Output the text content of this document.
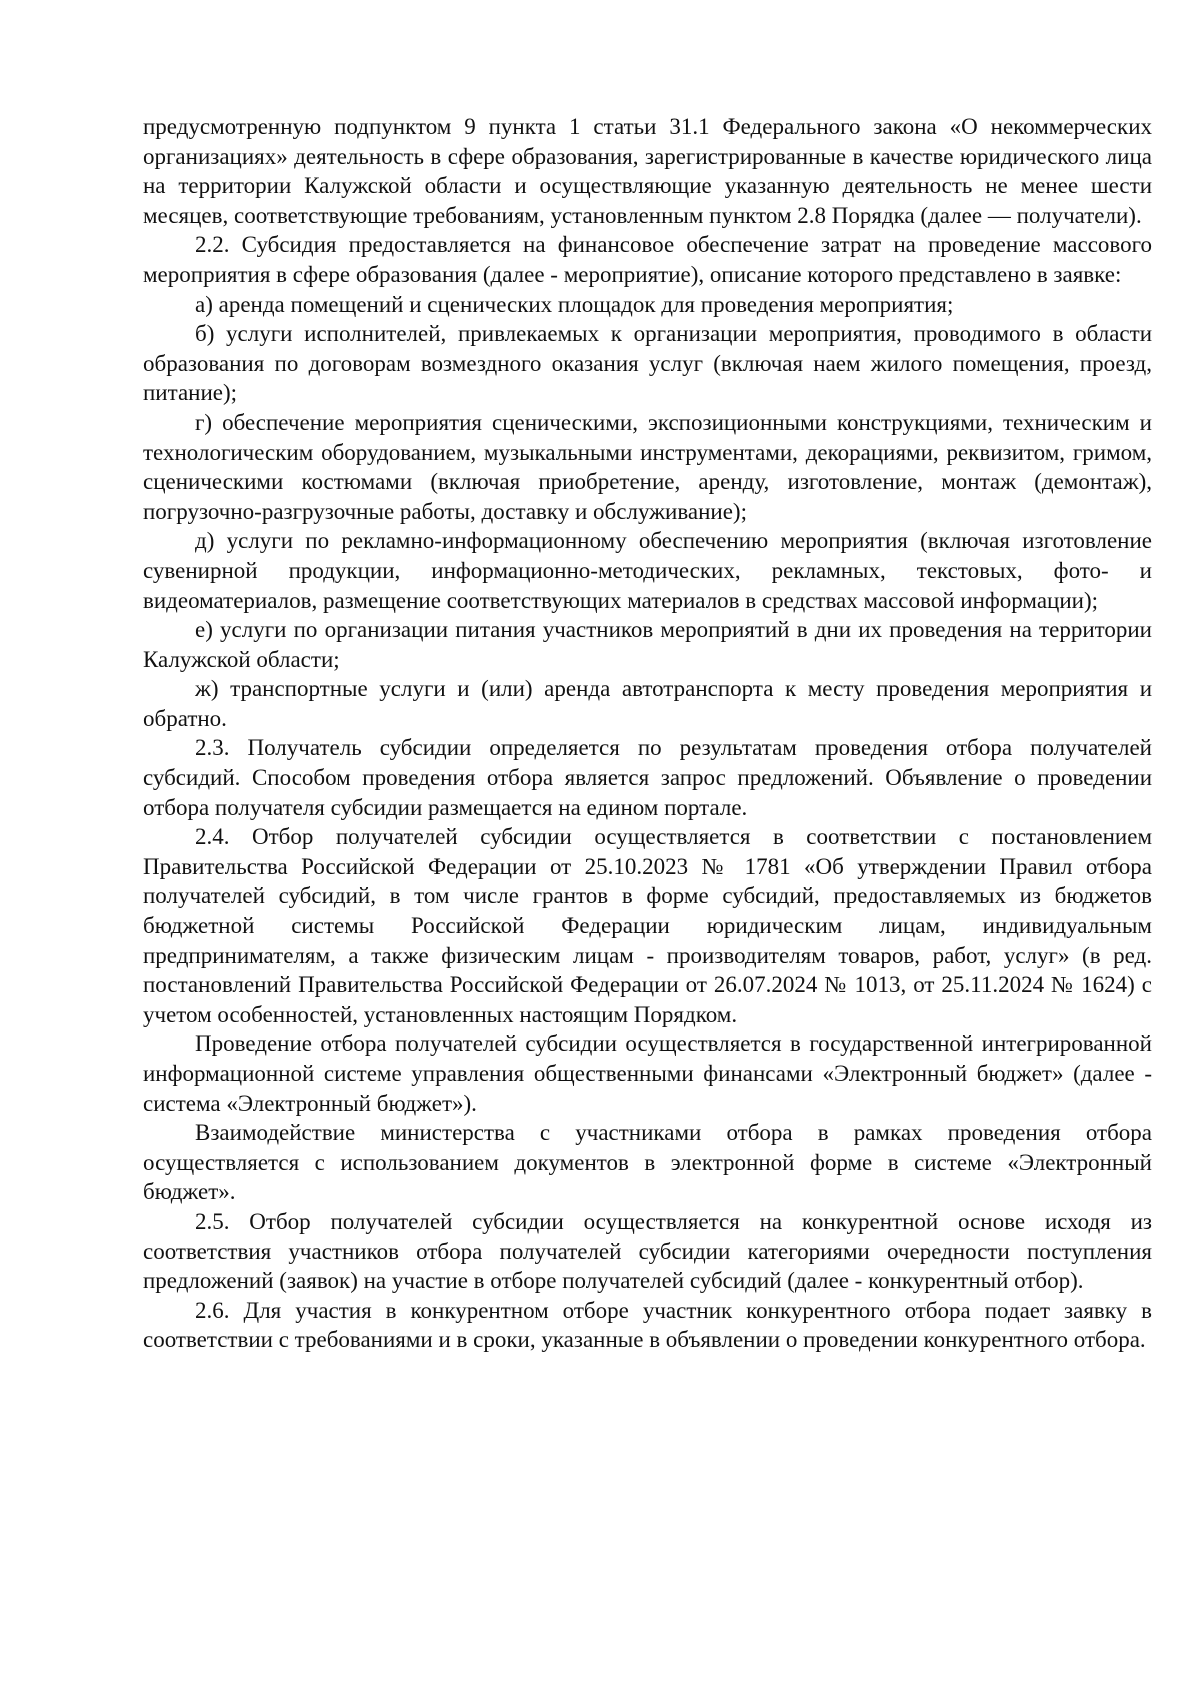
предусмотренную подпунктом 9 пункта 1 статьи 31.1 Федерального закона «О некоммерческих организациях» деятельность в сфере образования, зарегистрированные в качестве юридического лица на территории Калужской области и осуществляющие указанную деятельность не менее шести месяцев, соответствующие требованиям, установленным пунктом 2.8 Порядка (далее — получатели).

2.2. Субсидия предоставляется на финансовое обеспечение затрат на проведение массового мероприятия в сфере образования (далее - мероприятие), описание которого представлено в заявке:

а) аренда помещений и сценических площадок для проведения мероприятия;

б) услуги исполнителей, привлекаемых к организации мероприятия, проводимого в области образования по договорам возмездного оказания услуг (включая наем жилого помещения, проезд, питание);

г) обеспечение мероприятия сценическими, экспозиционными конструкциями, техническим и технологическим оборудованием, музыкальными инструментами, декорациями, реквизитом, гримом, сценическими костюмами (включая приобретение, аренду, изготовление, монтаж (демонтаж), погрузочно-разгрузочные работы, доставку и обслуживание);

д) услуги по рекламно-информационному обеспечению мероприятия (включая изготовление сувенирной продукции, информационно-методических, рекламных, текстовых, фото- и видеоматериалов, размещение соответствующих материалов в средствах массовой информации);

е) услуги по организации питания участников мероприятий в дни их проведения на территории Калужской области;

ж) транспортные услуги и (или) аренда автотранспорта к месту проведения мероприятия и обратно.

2.3. Получатель субсидии определяется по результатам проведения отбора получателей субсидий. Способом проведения отбора является запрос предложений. Объявление о проведении отбора получателя субсидии размещается на едином портале.

2.4. Отбор получателей субсидии осуществляется в соответствии с постановлением Правительства Российской Федерации от 25.10.2023 № 1781 «Об утверждении Правил отбора получателей субсидий, в том числе грантов в форме субсидий, предоставляемых из бюджетов бюджетной системы Российской Федерации юридическим лицам, индивидуальным предпринимателям, а также физическим лицам - производителям товаров, работ, услуг» (в ред. постановлений Правительства Российской Федерации от 26.07.2024 № 1013, от 25.11.2024 № 1624) с учетом особенностей, установленных настоящим Порядком.

Проведение отбора получателей субсидии осуществляется в государственной интегрированной информационной системе управления общественными финансами «Электронный бюджет» (далее - система «Электронный бюджет»).

Взаимодействие министерства с участниками отбора в рамках проведения отбора осуществляется с использованием документов в электронной форме в системе «Электронный бюджет».

2.5. Отбор получателей субсидии осуществляется на конкурентной основе исходя из соответствия участников отбора получателей субсидии категориями очередности поступления предложений (заявок) на участие в отборе получателей субсидий (далее - конкурентный отбор).

2.6. Для участия в конкурентном отборе участник конкурентного отбора подает заявку в соответствии с требованиями и в сроки, указанные в объявлении о проведении конкурентного отбора.
